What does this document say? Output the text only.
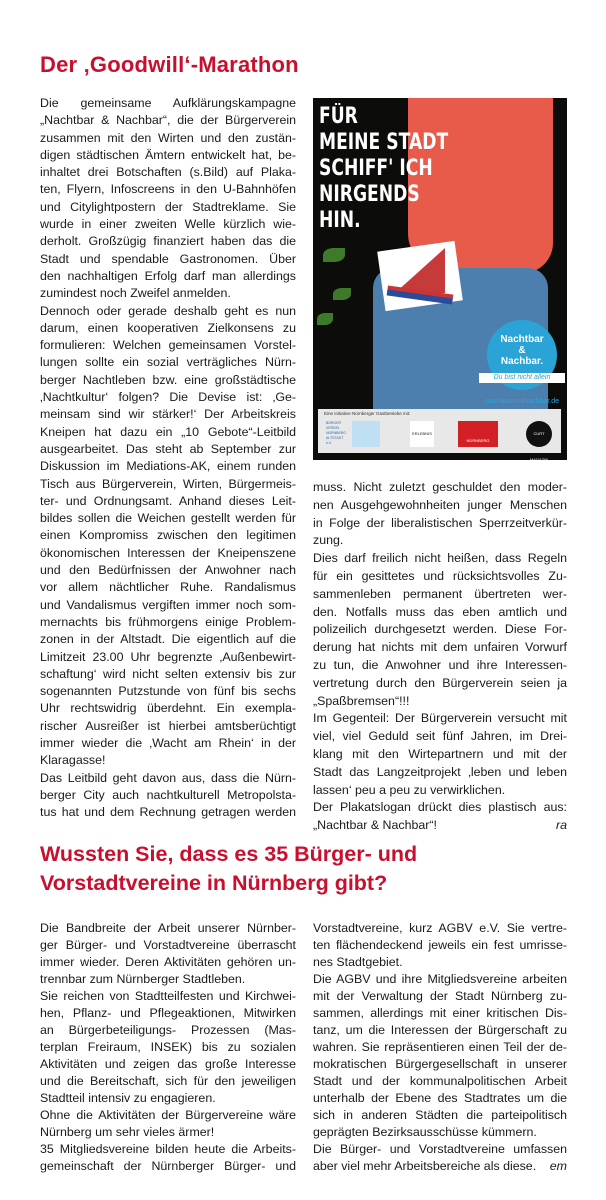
Der ‚Goodwill‘-Marathon
Die gemeinsame Aufklärungskampagne
„Nachtbar & Nachbar“, die der Bürgerverein
zusammen mit den Wirten und den zustän-
digen städtischen Ämtern entwickelt hat, be-
inhaltet drei Botschaften (s.Bild) auf Plaka-
ten, Flyern, Infoscreens in den U-Bahnhöfen
und Citylightpostern der Stadtreklame. Sie
wurde in einer zweiten Welle kürzlich wie-
derholt. Großzügig finanziert haben das die
Stadt und spendable Gastronomen. Über
den nachhaltigen Erfolg darf man allerdings
zumindest noch Zweifel anmelden.
Dennoch oder gerade deshalb geht es nun
darum, einen kooperativen Zielkonsens zu
formulieren: Welchen gemeinsamen Vorstel-
lungen sollte ein sozial verträgliches Nürn-
berger Nachtleben bzw. eine großstädtische
‚Nachtkultur‘ folgen? Die Devise ist: ‚Ge-
meinsam sind wir stärker!‘ Der Arbeitskreis
Kneipen hat dazu ein „10 Gebote“-Leitbild
ausgearbeitet. Das steht ab September zur
Diskussion im Mediations-AK, einem runden
Tisch aus Bürgerverein, Wirten, Bürgermeis-
ter- und Ordnungsamt. Anhand dieses Leit-
bildes sollen die Weichen gestellt werden für
einen Kompromiss zwischen den legitimen
ökonomischen Interessen der Kneipenszene
und den Bedürfnissen der Anwohner nach
vor allem nächtlicher Ruhe. Randalismus
und Vandalismus vergiften immer noch som-
mernachts bis frühmorgens einige Problem-
zonen in der Altstadt. Die eigentlich auf die
Limitzeit 23.00 Uhr begrenzte ‚Außenbewirt-
schaftung‘ wird nicht selten extensiv bis zur
sogenannten Putzstunde von fünf bis sechs
Uhr rechtswidrig überdehnt. Ein exempla-
rischer Ausreißer ist hierbei amtsberüchtigt
immer wieder die ‚Wacht am Rhein‘ in der
Klaragasse!
Das Leitbild geht davon aus, dass die Nürn-
berger City auch nachtkulturell Metropolsta-
tus hat und dem Rechnung getragen werden
FÜR
MEINE STADT
SCHIFF' ICH
NIRGENDS
HIN.
Nachtbar
&
Nachbar.
Du bist nicht allein
nachtbarundnachbar.de
Eine Initiative Nürnberger Gastbetriebe mit:
BÜRGER VEREIN NÜRNBERG ALTSTADT e.V.
ERLEBNIS
NÜRNBERG
CURT MAGAZIN
muss. Nicht zuletzt geschuldet den moder-
nen Ausgehgewohnheiten junger Menschen
in Folge der liberalistischen Sperrzeitverkür-
zung.
Dies darf freilich nicht heißen, dass Regeln
für ein gesittetes und rücksichtsvolles Zu-
sammenleben permanent übertreten wer-
den. Notfalls muss das eben amtlich und
polizeilich durchgesetzt werden. Diese For-
derung hat nichts mit dem unfairen Vorwurf
zu tun, die Anwohner und ihre Interessen-
vertretung durch den Bürgerverein seien ja
„Spaßbremsen“!!!
Im Gegenteil: Der Bürgerverein versucht mit
viel, viel Geduld seit fünf Jahren, im Drei-
klang mit den Wirtepartnern und mit der
Stadt das Langzeitprojekt ‚leben und leben
lassen‘ peu a peu zu verwirklichen.
Der Plakatslogan drückt dies plastisch aus:
„Nachtbar & Nachbar“!	ra
Wussten Sie, dass es 35 Bürger- und
Vorstadtvereine in Nürnberg gibt?
Die Bandbreite der Arbeit unserer Nürnber-
ger Bürger- und Vorstadtvereine überrascht
immer wieder. Deren Aktivitäten gehören un-
trennbar zum Nürnberger Stadtleben.
Sie reichen von Stadtteilfesten und Kirchwei-
hen, Pflanz- und Pflegeaktionen, Mitwirken
an Bürgerbeteiligungs- Prozessen (Mas-
terplan Freiraum, INSEK) bis zu sozialen
Aktivitäten und zeigen das große Interesse
und die Bereitschaft, sich für den jeweiligen
Stadtteil intensiv zu engagieren.
Ohne die Aktivitäten der Bürgervereine wäre
Nürnberg um sehr vieles ärmer!
35 Mitgliedsvereine bilden heute die Arbeits-
gemeinschaft der Nürnberger Bürger- und
Vorstadtvereine, kurz AGBV e.V. Sie vertre-
ten flächendeckend jeweils ein fest umrisse-
nes Stadtgebiet.
Die AGBV und ihre Mitgliedsvereine arbeiten
mit der Verwaltung der Stadt Nürnberg zu-
sammen, allerdings mit einer kritischen Dis-
tanz, um die Interessen der Bürgerschaft zu
wahren. Sie repräsentieren einen Teil der de-
mokratischen Bürgergesellschaft in unserer
Stadt und der kommunalpolitischen Arbeit
unterhalb der Ebene des Stadtrates um die
sich in anderen Städten die parteipolitisch
geprägten Bezirksausschüsse kümmern.
Die Bürger- und Vorstadtvereine umfassen
aber viel mehr Arbeitsbereiche als diese. em
